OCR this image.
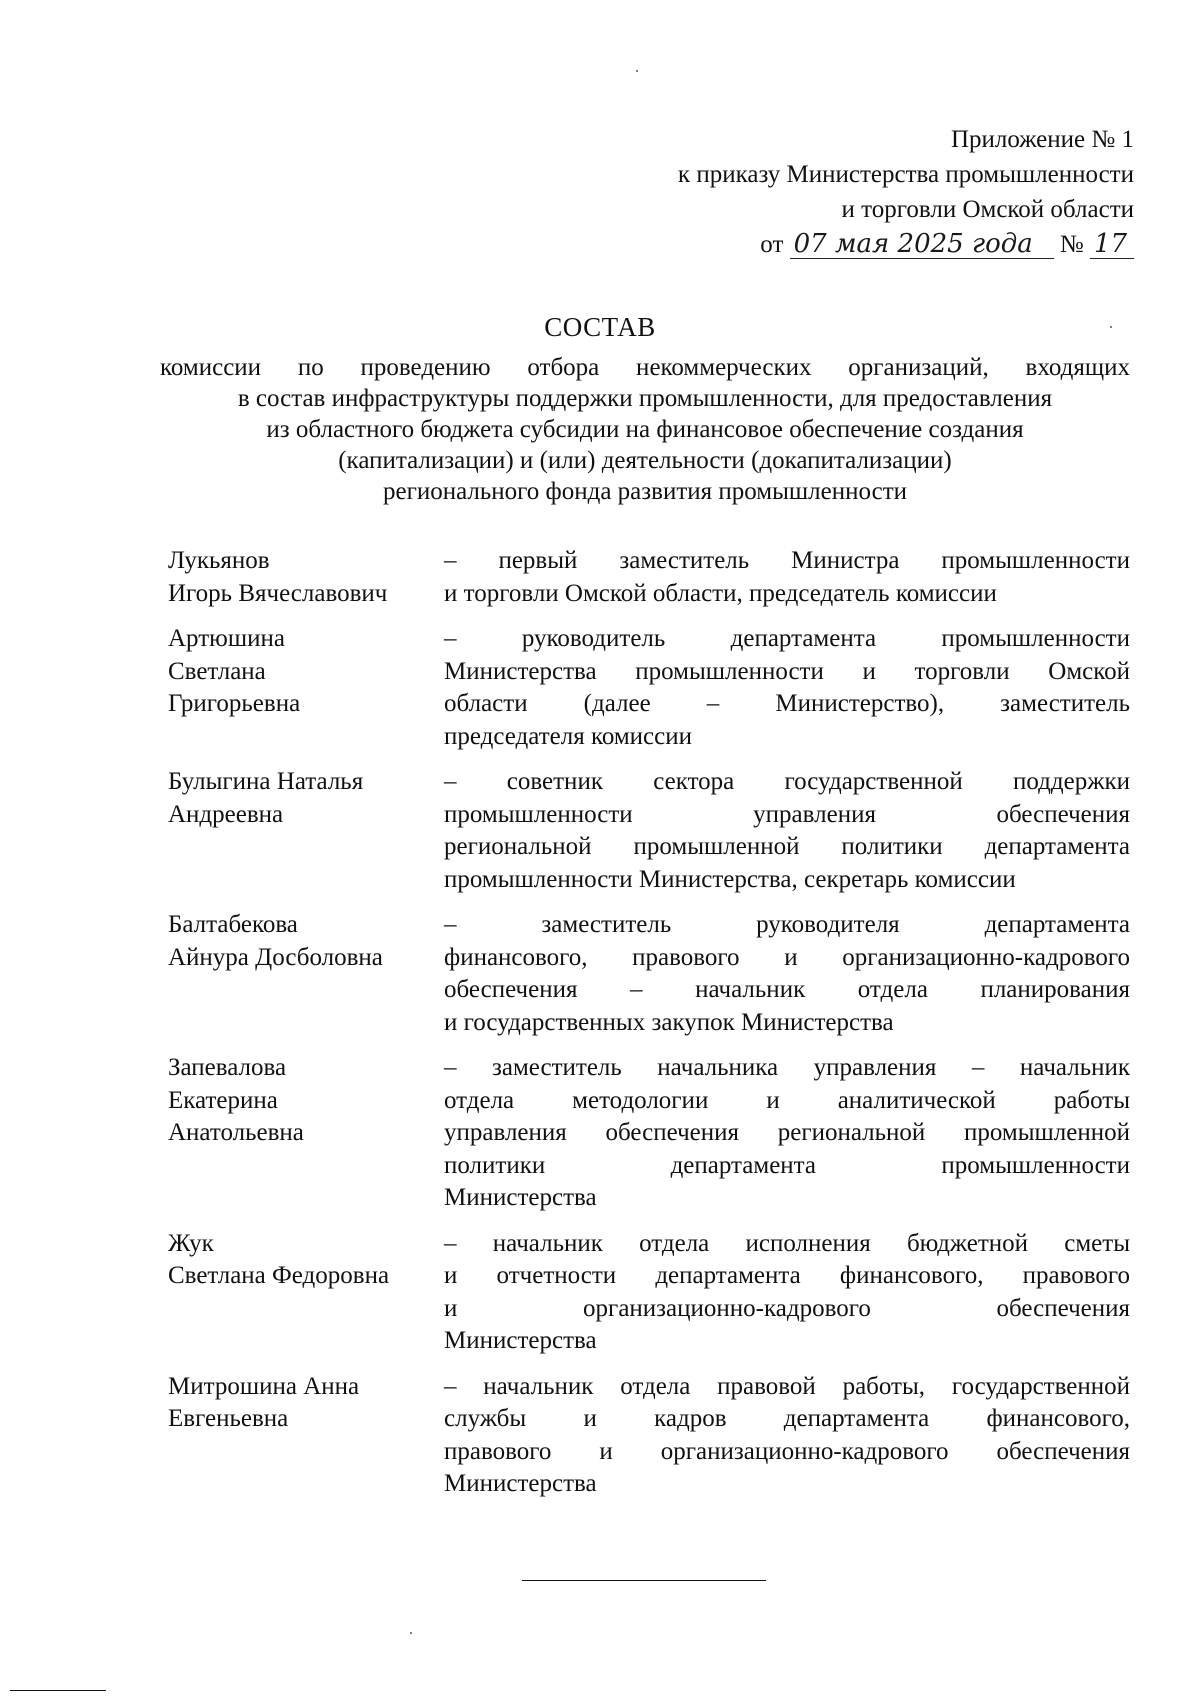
Приложение № 1
к приказу Министерства промышленности
и торговли Омской области
от 07 мая 2025 года № 17
СОСТАВ
комиссии по проведению отбора некоммерческих организаций, входящих
в состав инфраструктуры поддержки промышленности, для предоставления
из областного бюджета субсидии на финансовое обеспечение создания
(капитализации) и (или) деятельности (докапитализации)
регионального фонда развития промышленности
Лукьянов
Игорь Вячеславович
– первый заместитель Министра промышленности
и торговли Омской области, председатель комиссии
Артюшина
Светлана
Григорьевна
– руководитель департамента промышленности
Министерства промышленности и торговли Омской
области (далее – Министерство), заместитель
председателя комиссии
Булыгина Наталья
Андреевна
– советник сектора государственной поддержки
промышленности управления обеспечения
региональной промышленной политики департамента
промышленности Министерства, секретарь комиссии
Балтабекова
Айнура Досболовна
– заместитель руководителя департамента
финансового, правового и организационно-кадрового
обеспечения – начальник отдела планирования
и государственных закупок Министерства
Запевалова
Екатерина
Анатольевна
– заместитель начальника управления – начальник
отдела методологии и аналитической работы
управления обеспечения региональной промышленной
политики департамента промышленности
Министерства
Жук
Светлана Федоровна
– начальник отдела исполнения бюджетной сметы
и отчетности департамента финансового, правового
и организационно-кадрового обеспечения
Министерства
Митрошина Анна
Евгеньевна
– начальник отдела правовой работы, государственной
службы и кадров департамента финансового,
правового и организационно-кадрового обеспечения
Министерства
